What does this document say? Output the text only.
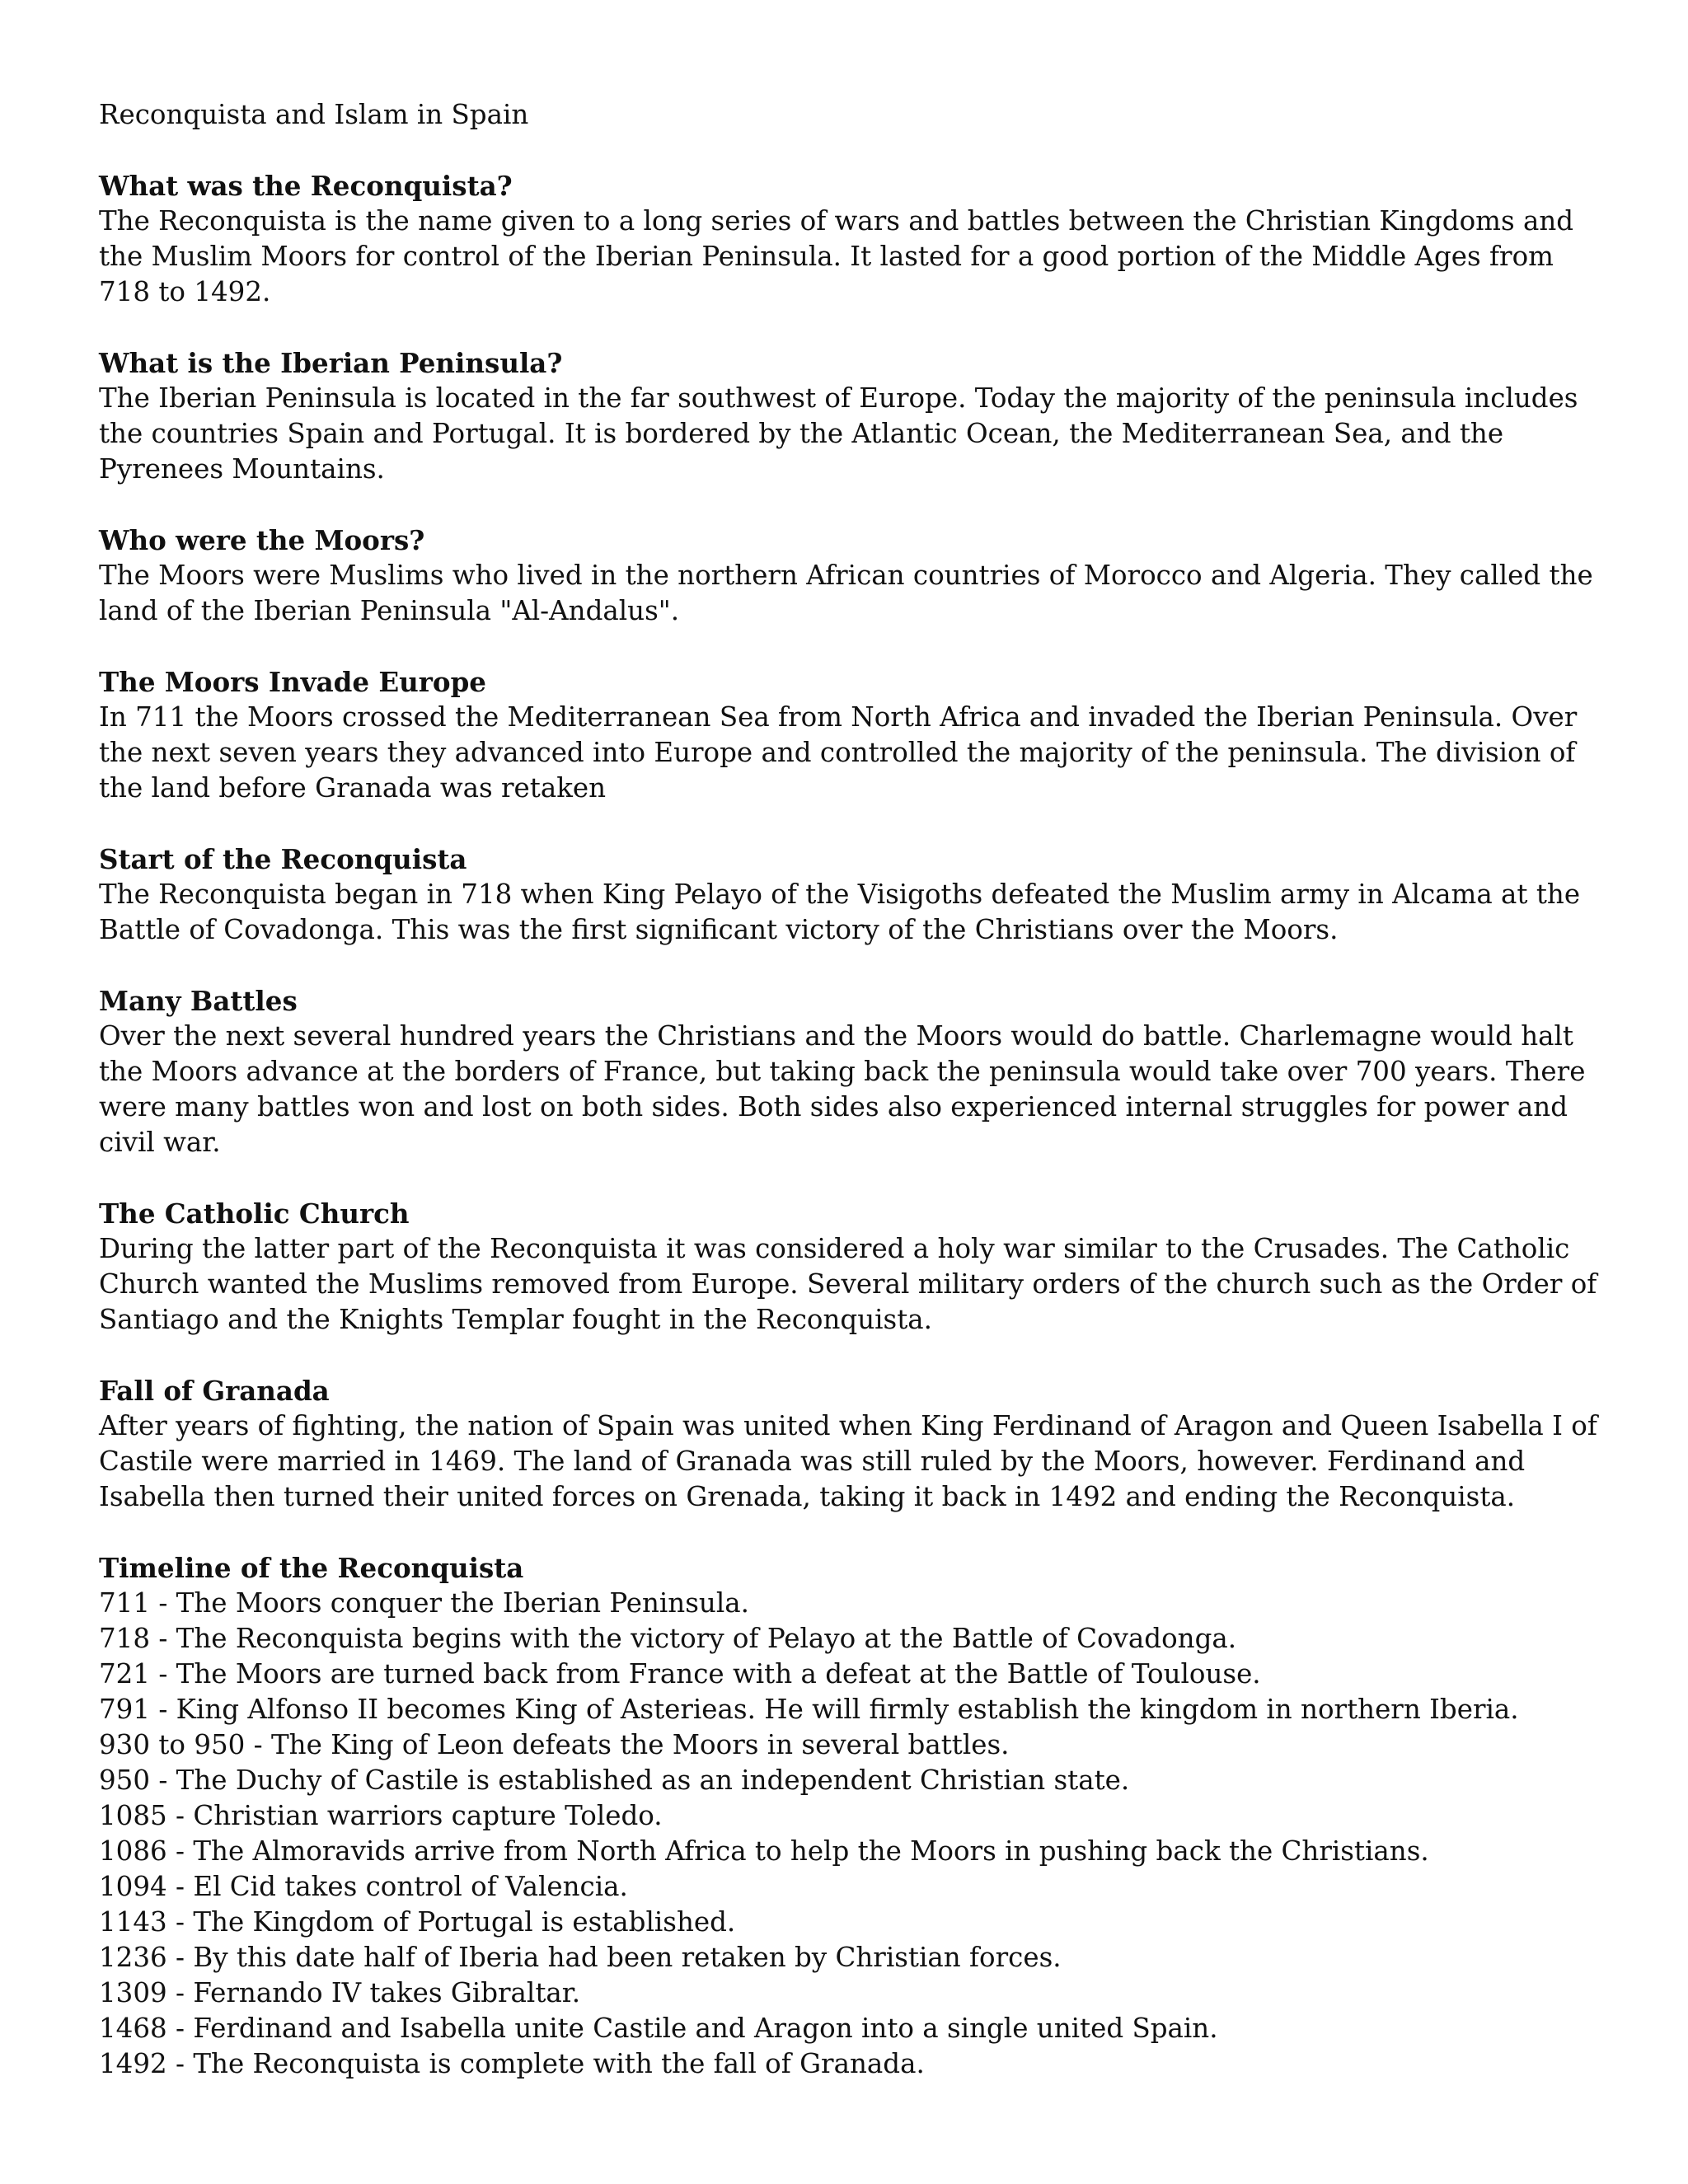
Reconquista and Islam in Spain
What was the Reconquista?

The Reconquista is the name given to a long series of wars and battles between the Christian Kingdoms and the Muslim Moors for control of the Iberian Peninsula. It lasted for a good portion of the Middle Ages from 718 to 1492.

What is the Iberian Peninsula?

The Iberian Peninsula is located in the far southwest of Europe. Today the majority of the peninsula includes the countries Spain and Portugal. It is bordered by the Atlantic Ocean, the Mediterranean Sea, and the Pyrenees Mountains.

Who were the Moors?

The Moors were Muslims who lived in the northern African countries of Morocco and Algeria. They called the land of the Iberian Peninsula "Al-Andalus".

The Moors Invade Europe

In 711 the Moors crossed the Mediterranean Sea from North Africa and invaded the Iberian Peninsula. Over the next seven years they advanced into Europe and controlled the majority of the peninsula. The division of the land before Granada was retaken

Start of the Reconquista

The Reconquista began in 718 when King Pelayo of the Visigoths defeated the Muslim army in Alcama at the Battle of Covadonga. This was the first significant victory of the Christians over the Moors.

Many Battles

Over the next several hundred years the Christians and the Moors would do battle. Charlemagne would halt the Moors advance at the borders of France, but taking back the peninsula would take over 700 years. There were many battles won and lost on both sides. Both sides also experienced internal struggles for power and civil war.

The Catholic Church

During the latter part of the Reconquista it was considered a holy war similar to the Crusades. The Catholic Church wanted the Muslims removed from Europe. Several military orders of the church such as the Order of Santiago and the Knights Templar fought in the Reconquista.

Fall of Granada

After years of fighting, the nation of Spain was united when King Ferdinand of Aragon and Queen Isabella I of Castile were married in 1469. The land of Granada was still ruled by the Moors, however. Ferdinand and Isabella then turned their united forces on Grenada, taking it back in 1492 and ending the Reconquista.

Timeline of the Reconquista
711 - The Moors conquer the Iberian Peninsula.
718 - The Reconquista begins with the victory of Pelayo at the Battle of Covadonga.
721 - The Moors are turned back from France with a defeat at the Battle of Toulouse.
791 - King Alfonso II becomes King of Asterieas. He will firmly establish the kingdom in northern Iberia.
930 to 950 - The King of Leon defeats the Moors in several battles.
950 - The Duchy of Castile is established as an independent Christian state.
1085 - Christian warriors capture Toledo.
1086 - The Almoravids arrive from North Africa to help the Moors in pushing back the Christians.
1094 - El Cid takes control of Valencia.
1143 - The Kingdom of Portugal is established.
1236 - By this date half of Iberia had been retaken by Christian forces.
1309 - Fernando IV takes Gibraltar.
1468 - Ferdinand and Isabella unite Castile and Aragon into a single united Spain.
1492 - The Reconquista is complete with the fall of Granada.
